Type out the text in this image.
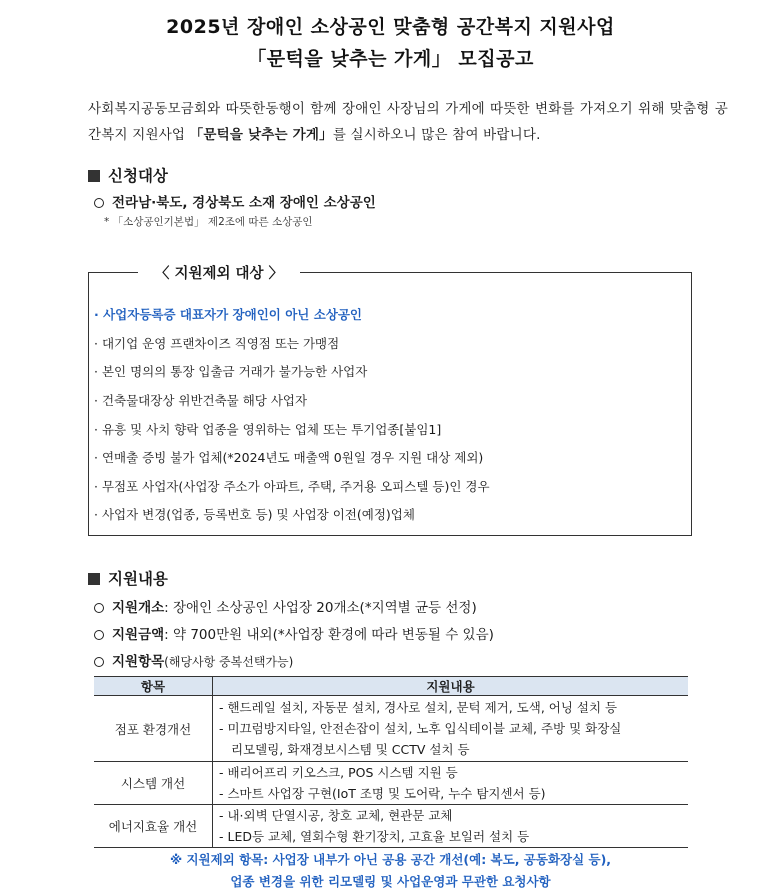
2025년 장애인 소상공인 맞춤형 공간복지 지원사업
「문턱을 낮추는 가게」 모집공고
사회복지공동모금회와 따뜻한동행이 함께 장애인 사장님의 가게에 따뜻한 변화를 가져오기 위해 맞춤형 공간복지 지원사업 「문턱을 낮추는 가게」를 실시하오니 많은 참여 바랍니다.
신청대상
전라남·북도, 경상북도 소재 장애인 소상공인
* 「소상공인기본법」 제2조에 따른 소상공인
〈 지원제외 대상 〉
· 사업자등록증 대표자가 장애인이 아닌 소상공인
· 대기업 운영 프랜차이즈 직영점 또는 가맹점
· 본인 명의의 통장 입출금 거래가 불가능한 사업자
· 건축물대장상 위반건축물 해당 사업자
· 유흥 및 사치 향락 업종을 영위하는 업체 또는 투기업종[붙임1]
· 연매출 증빙 불가 업체(*2024년도 매출액 0원일 경우 지원 대상 제외)
· 무점포 사업자(사업장 주소가 아파트, 주택, 주거용 오피스텔 등)인 경우
· 사업자 변경(업종, 등록번호 등) 및 사업장 이전(예정)업체
지원내용
지원개소: 장애인 소상공인 사업장 20개소(*지역별 균등 선정)
지원금액: 약 700만원 내외(*사업장 환경에 따라 변동될 수 있음)
지원항목(해당사항 중복선택가능)
항목	지원내용
점포 환경개선	- 핸드레일 설치, 자동문 설치, 경사로 설치, 문턱 제거, 도색, 어닝 설치 등
- 미끄럼방지타일, 안전손잡이 설치, 노후 입식테이블 교체, 주방 및 화장실
리모델링, 화재경보시스템 및 CCTV 설치 등

시스템 개선	- 배리어프리 키오스크, POS 시스템 지원 등
- 스마트 사업장 구현(IoT 조명 및 도어락, 누수 탐지센서 등)

에너지효율 개선	- 내·외벽 단열시공, 창호 교체, 현관문 교체
- LED등 교체, 열회수형 환기장치, 고효율 보일러 설치 등
※ 지원제외 항목: 사업장 내부가 아닌 공용 공간 개선(예: 복도, 공동화장실 등),
업종 변경을 위한 리모델링 및 사업운영과 무관한 요청사항
